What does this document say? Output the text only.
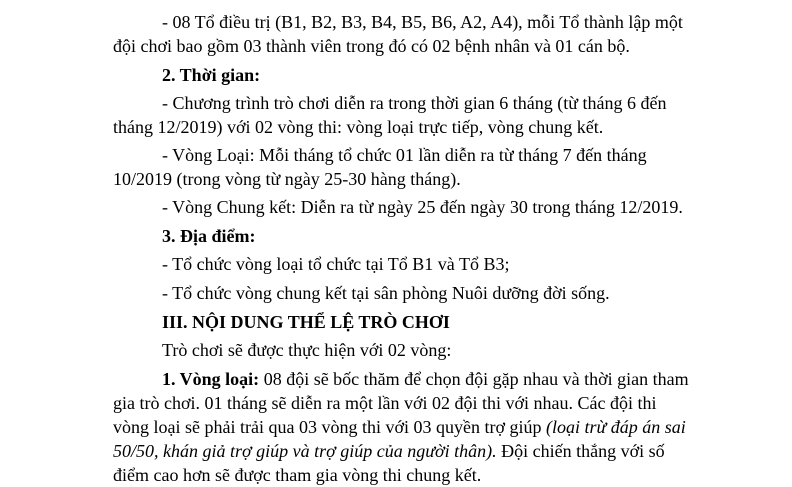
- 08 Tổ điều trị (B1, B2, B3, B4, B5, B6, A2, A4), mỗi Tổ thành lập một
đội chơi bao gồm 03 thành viên trong đó có 02 bệnh nhân và 01 cán bộ.
2. Thời gian:
- Chương trình trò chơi diễn ra trong thời gian 6 tháng (từ tháng 6 đến
tháng 12/2019) với 02 vòng thi: vòng loại trực tiếp, vòng chung kết.
- Vòng Loại: Mỗi tháng tổ chức 01 lần diễn ra từ tháng 7 đến tháng
10/2019 (trong vòng từ ngày 25-30 hàng tháng).
- Vòng Chung kết: Diễn ra từ ngày 25 đến ngày 30 trong tháng 12/2019.
3. Địa điểm:
- Tổ chức vòng loại tổ chức tại Tổ B1 và Tổ B3;
- Tổ chức vòng chung kết tại sân phòng Nuôi dưỡng đời sống.
III. NỘI DUNG THỂ LỆ TRÒ CHƠI
Trò chơi sẽ được thực hiện với 02 vòng:
1. Vòng loại: 08 đội sẽ bốc thăm để chọn đội gặp nhau và thời gian tham
gia trò chơi. 01 tháng sẽ diễn ra một lần với 02 đội thi với nhau. Các đội thi
vòng loại sẽ phải trải qua 03 vòng thi với 03 quyền trợ giúp (loại trừ đáp án sai
50/50, khán giả trợ giúp và trợ giúp của người thân). Đội chiến thắng với số
điểm cao hơn sẽ được tham gia vòng thi chung kết.
